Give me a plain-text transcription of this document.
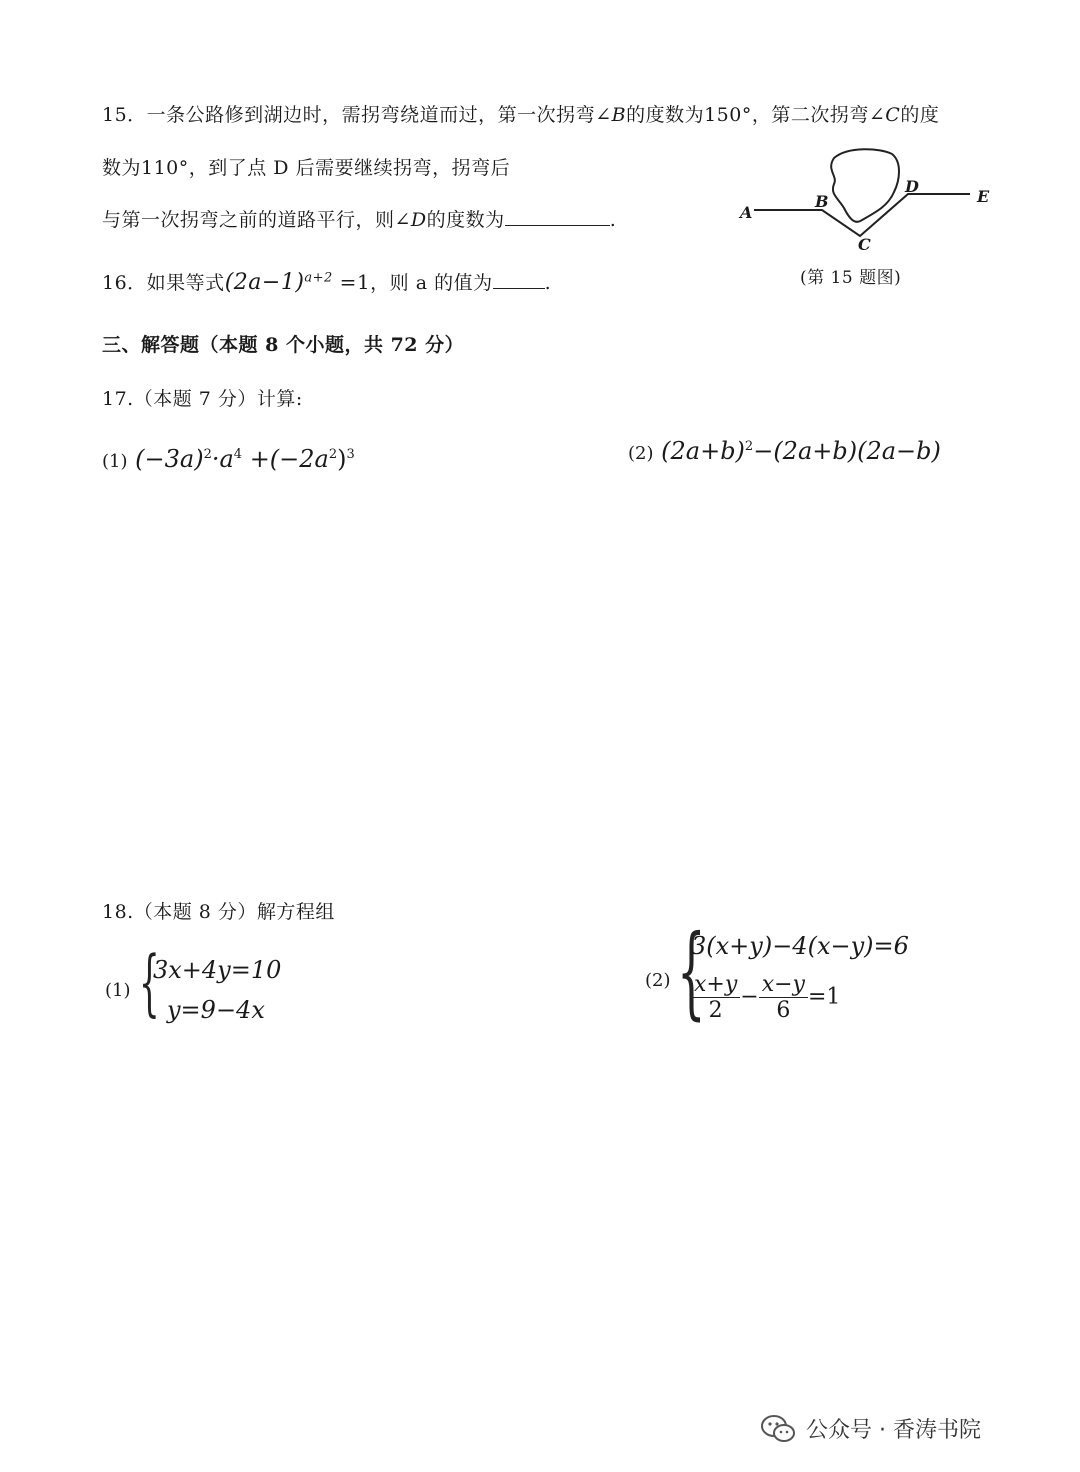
15．一条公路修到湖边时，需拐弯绕道而过，第一次拐弯∠B的度数为150°，第二次拐弯∠C的度
数为110°，到了点 D 后需要继续拐弯，拐弯后
与第一次拐弯之前的道路平行，则∠D的度数为	.	A
B
C
D
E
(第 15 题图)
16．如果等式$(2a-1)^{a+2} =1$，则 a 的值为	.
三、解答题（本题 8 个小题，共 72 分）
17.（本题 7 分）计算:
(1) $(-3a)^2\cdot a^4 +(-2a^2)^3$	(2) $(2a+b)^2-(2a+b)(2a-b)$
18.（本题 8 分）解方程组
(1) {
3x+4y=10
y=9−4x
(2) {
3(x+y)−4(x−y)=6
$\frac{x+y}{2} - \frac{x-y}{6} =1$
公众号 · 香涛书院
